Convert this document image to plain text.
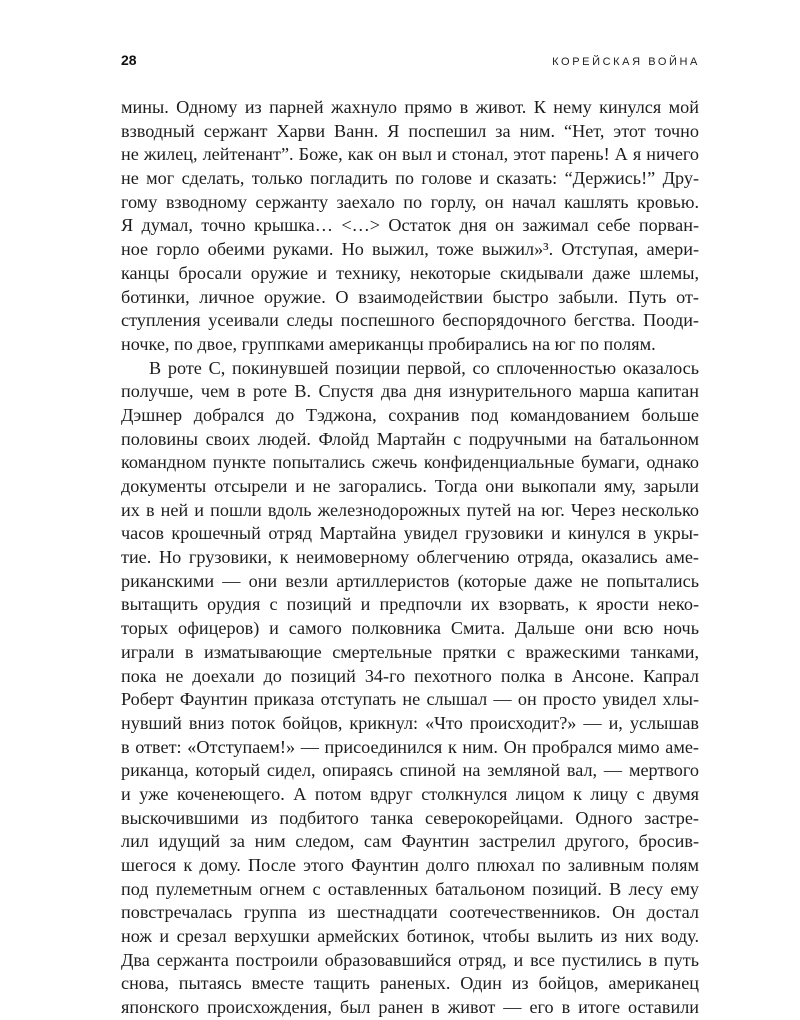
28	КОРЕЙСКАЯ ВОЙНА
мины. Одному из парней жахнуло прямо в живот. К нему кинулся мой
взводный сержант Харви Ванн. Я поспешил за ним. “Нет, этот точно
не жилец, лейтенант”. Боже, как он выл и стонал, этот парень! А я ничего
не мог сделать, только погладить по голове и сказать: “Держись!” Дру-
гому взводному сержанту заехало по горлу, он начал кашлять кровью.
Я думал, точно крышка… <…> Остаток дня он зажимал себе порван-
ное горло обеими руками. Но выжил, тоже выжил»³. Отступая, амери-
канцы бросали оружие и технику, некоторые скидывали даже шлемы,
ботинки, личное оружие. О взаимодействии быстро забыли. Путь от-
ступления усеивали следы поспешного беспорядочного бегства. Пооди-
ночке, по двое, группками американцы пробирались на юг по полям.
В роте C, покинувшей позиции первой, со сплоченностью оказалось
получше, чем в роте B. Спустя два дня изнурительного марша капитан
Дэшнер добрался до Тэджона, сохранив под командованием больше
половины своих людей. Флойд Мартайн с подручными на батальонном
командном пункте попытались сжечь конфиденциальные бумаги, однако
документы отсырели и не загорались. Тогда они выкопали яму, зарыли
их в ней и пошли вдоль железнодорожных путей на юг. Через несколько
часов крошечный отряд Мартайна увидел грузовики и кинулся в укры-
тие. Но грузовики, к неимоверному облегчению отряда, оказались аме-
риканскими — они везли артиллеристов (которые даже не попытались
вытащить орудия с позиций и предпочли их взорвать, к ярости неко-
торых офицеров) и самого полковника Смита. Дальше они всю ночь
играли в изматывающие смертельные прятки с вражескими танками,
пока не доехали до позиций 34-го пехотного полка в Ансоне. Капрал
Роберт Фаунтин приказа отступать не слышал — он просто увидел хлы-
нувший вниз поток бойцов, крикнул: «Что происходит?» — и, услышав
в ответ: «Отступаем!» — присоединился к ним. Он пробрался мимо аме-
риканца, который сидел, опираясь спиной на земляной вал, — мертвого
и уже коченеющего. А потом вдруг столкнулся лицом к лицу с двумя
выскочившими из подбитого танка северокорейцами. Одного застре-
лил идущий за ним следом, сам Фаунтин застрелил другого, бросив-
шегося к дому. После этого Фаунтин долго плюхал по заливным полям
под пулеметным огнем с оставленных батальоном позиций. В лесу ему
повстречалась группа из шестнадцати соотечественников. Он достал
нож и срезал верхушки армейских ботинок, чтобы вылить из них воду.
Два сержанта построили образовавшийся отряд, и все пустились в путь
снова, пытаясь вместе тащить раненых. Один из бойцов, американец
японского происхождения, был ранен в живот — его в итоге оставили
